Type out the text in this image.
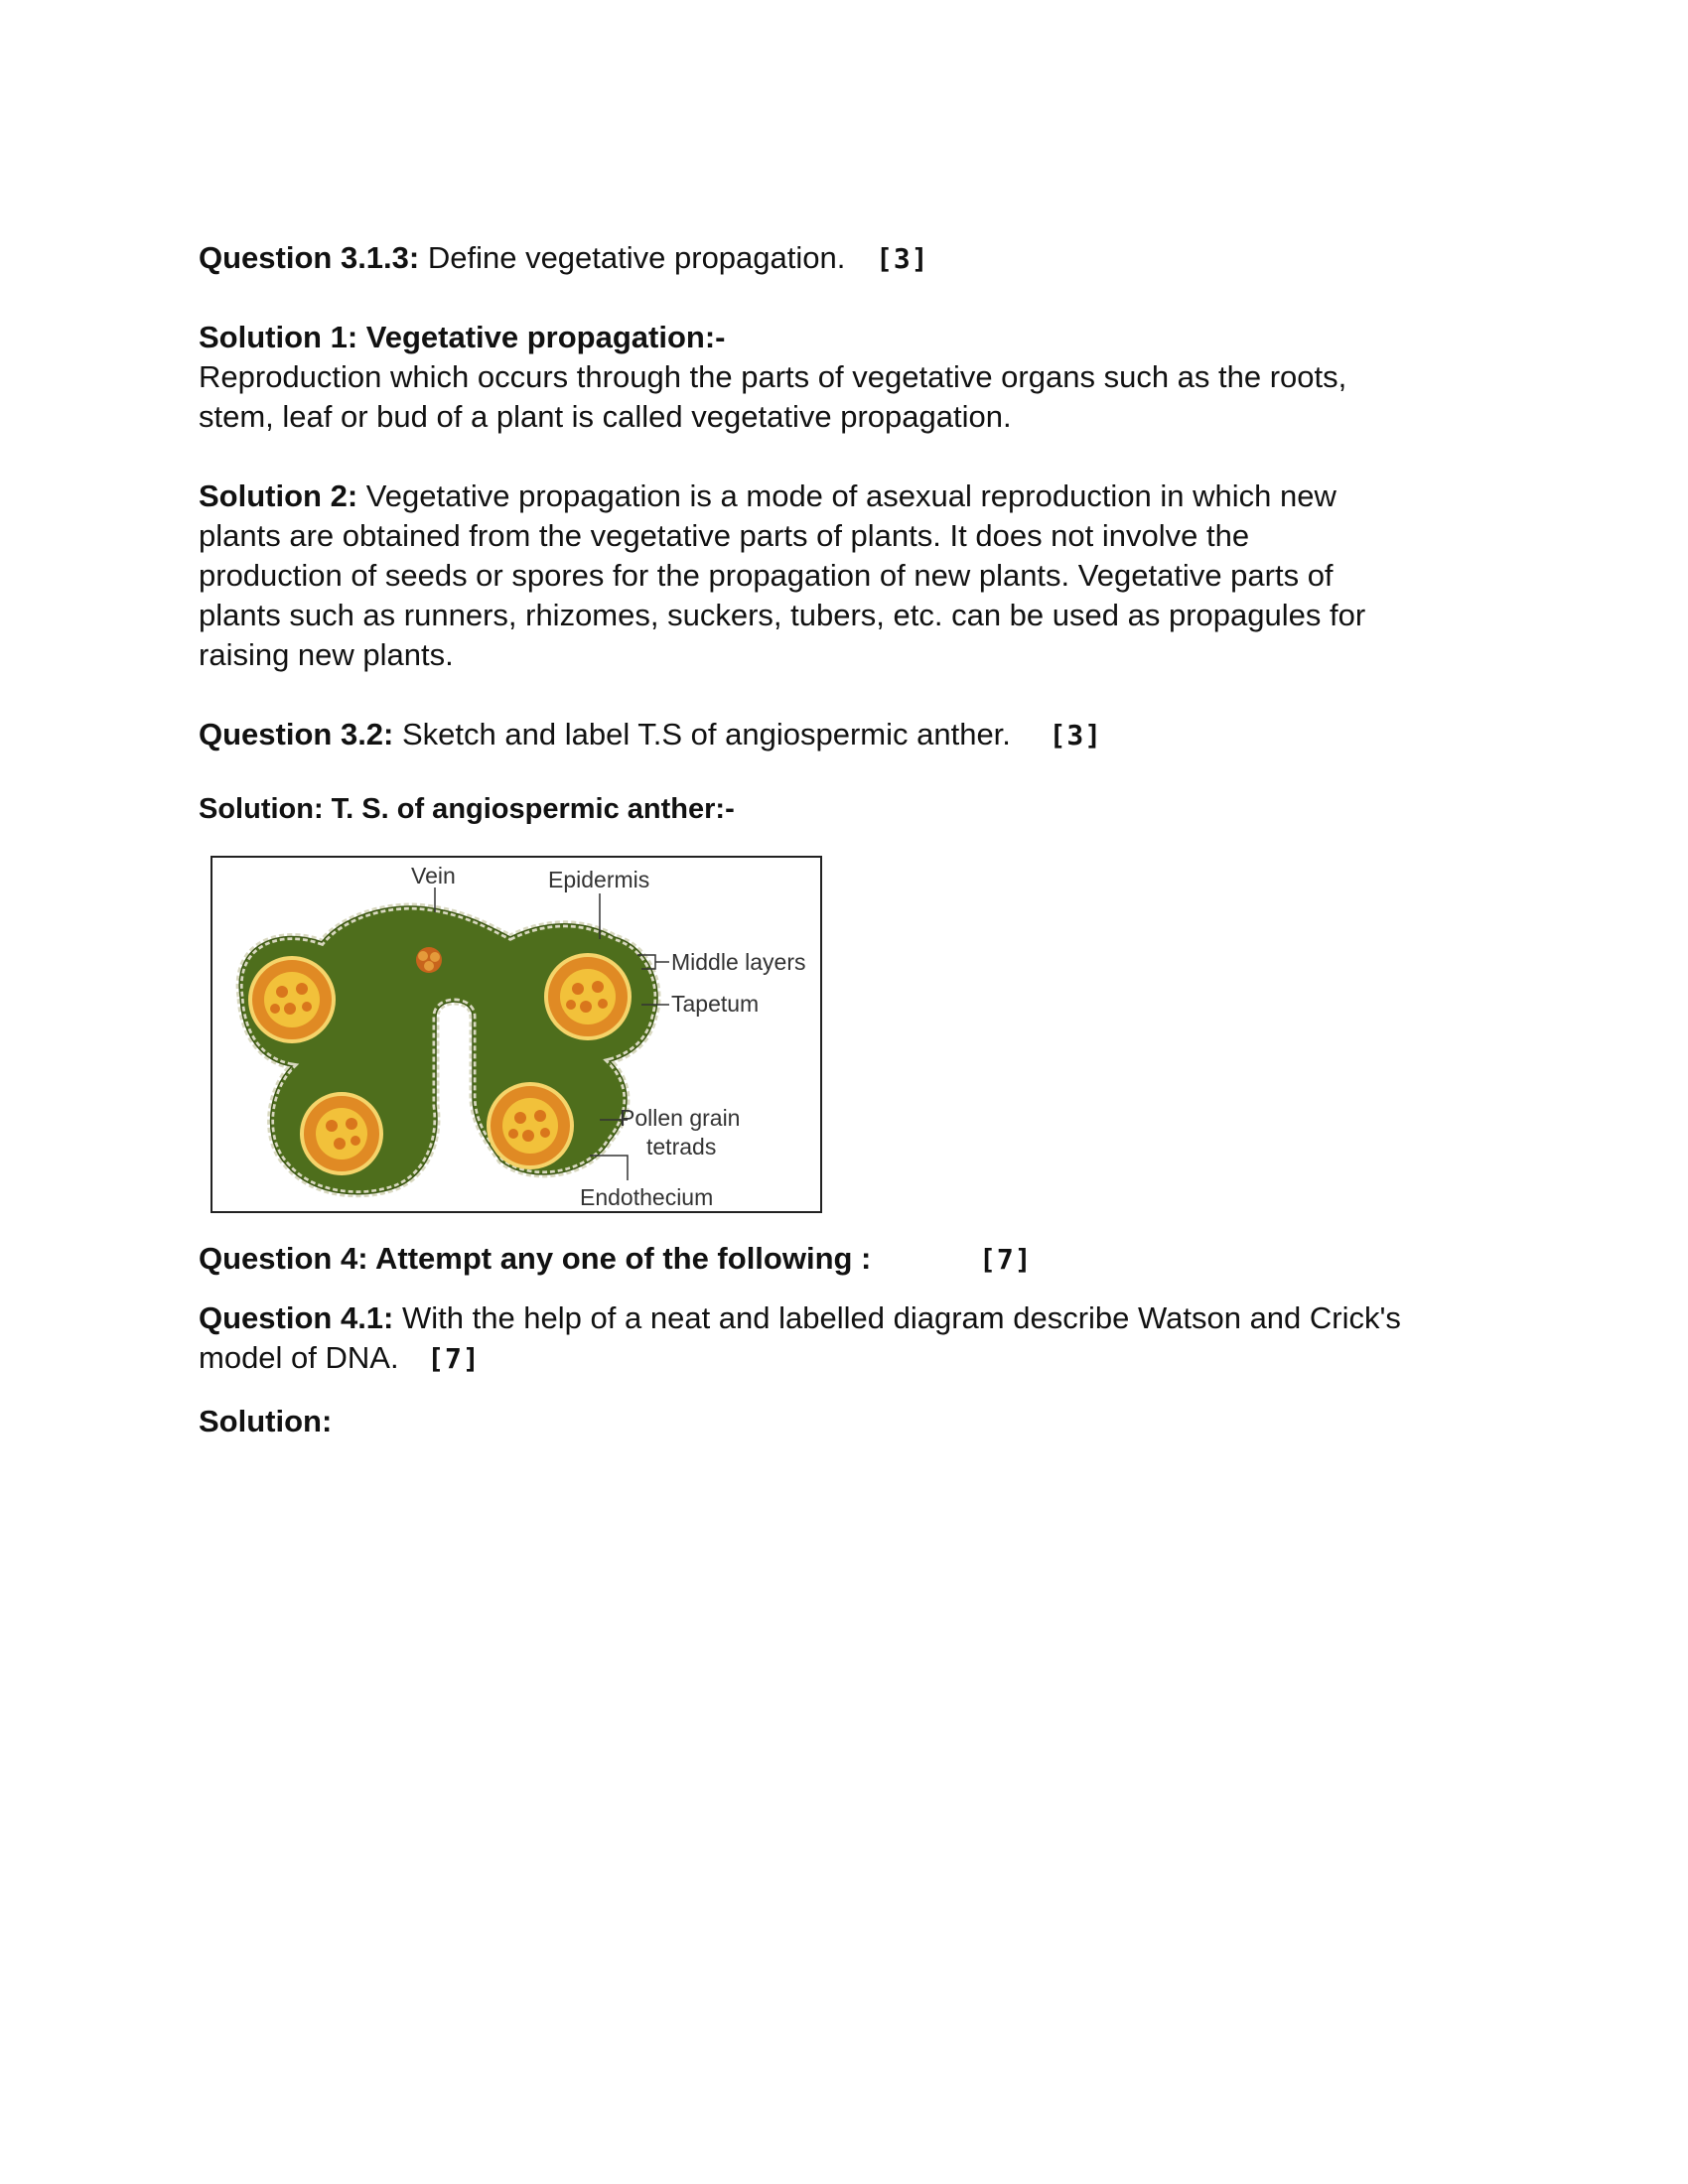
Question 3.1.3: Define vegetative propagation. [3]
Solution 1: Vegetative propagation:-
Reproduction which occurs through the parts of vegetative organs such as the roots,
stem, leaf or bud of a plant is called vegetative propagation.
Solution 2: Vegetative propagation is a mode of asexual reproduction in which new
plants are obtained from the vegetative parts of plants. It does not involve the
production of seeds or spores for the propagation of new plants. Vegetative parts of
plants such as runners, rhizomes, suckers, tubers, etc. can be used as propagules for
raising new plants.
Question 3.2: Sketch and label T.S of angiospermic anther. [3]
Solution: T. S. of angiospermic anther:-
Vein	Epidermis
Middle layers
Tapetum
Pollen grain
tetrads
Endothecium
Question 4: Attempt any one of the following :	[7]
Question 4.1: With the help of a neat and labelled diagram describe Watson and Crick's
model of DNA. [7]
Solution:
